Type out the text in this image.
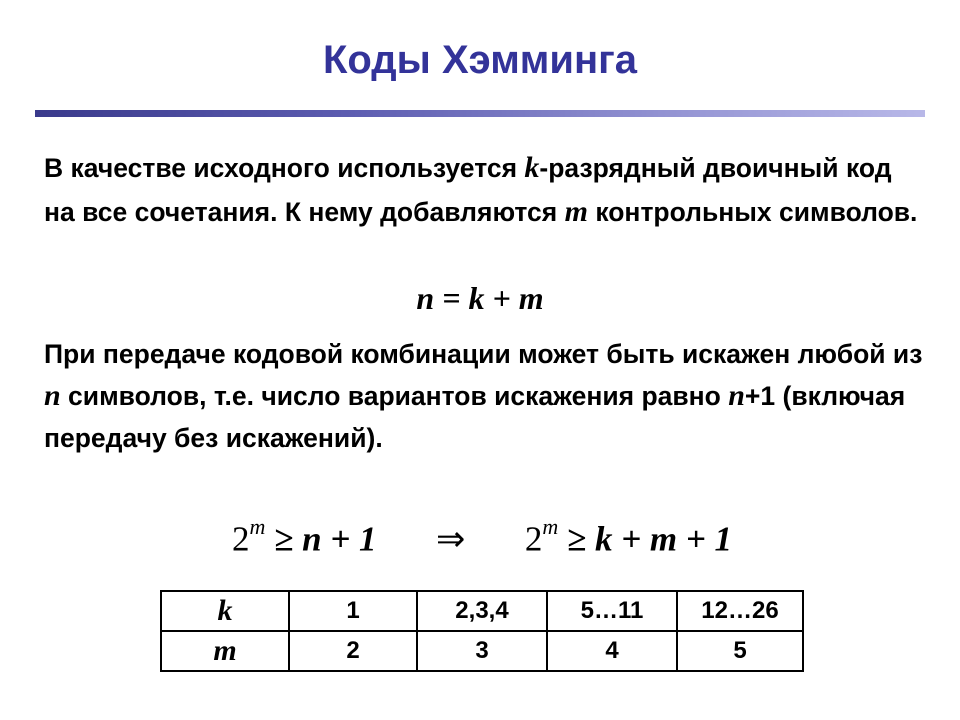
Коды Хэмминга
В качестве исходного используется k-разрядный двоичный код на все сочетания. К нему добавляются m контрольных символов.
n = k + m
При передаче кодовой комбинации может быть искажен любой из n символов, т.е. число вариантов искажения равно n+1 (включая передачу без искажений).
$2^m \ge n + 1$ ⇒ $2^m \ge k + m + 1$
k	1	2,3,4	5…11	12…26
m	2	3	4	5
